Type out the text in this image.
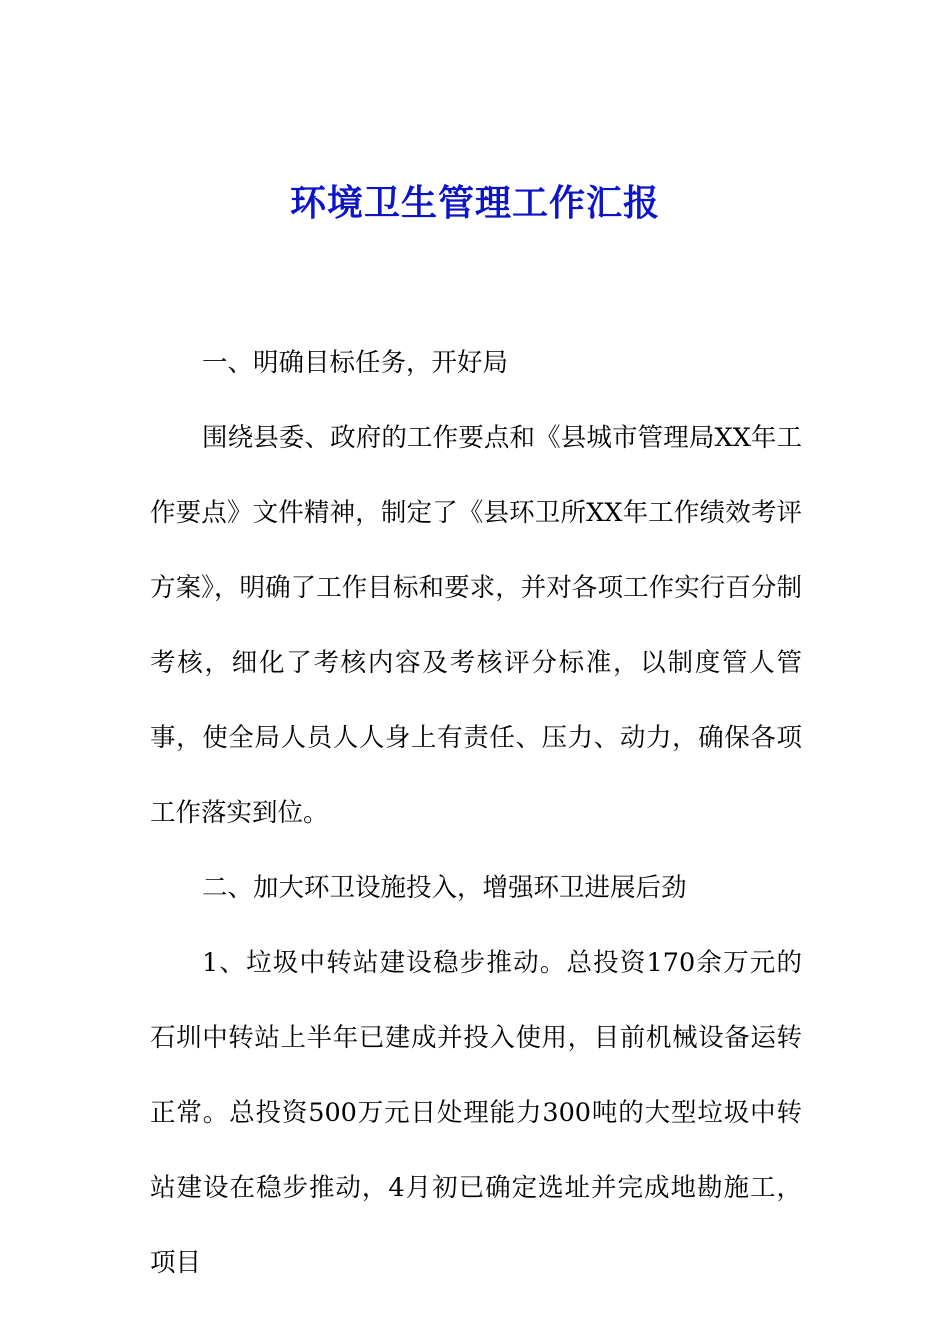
环境卫生管理工作汇报

一、明确目标任务，开好局

围绕县委、政府的工作要点和《县城市管理局XX年工作要点》文件精神，制定了《县环卫所XX年工作绩效考评方案》，明确了工作目标和要求，并对各项工作实行百分制考核，细化了考核内容及考核评分标准，以制度管人管事，使全局人员人人身上有责任、压力、动力，确保各项工作落实到位。

二、加大环卫设施投入，增强环卫进展后劲

1、垃圾中转站建设稳步推动。总投资170余万元的石圳中转站上半年已建成并投入使用，目前机械设备运转正常。总投资500万元日处理能力300吨的大型垃圾中转站建设在稳步推动，4月初已确定选址并完成地勘施工，项目
